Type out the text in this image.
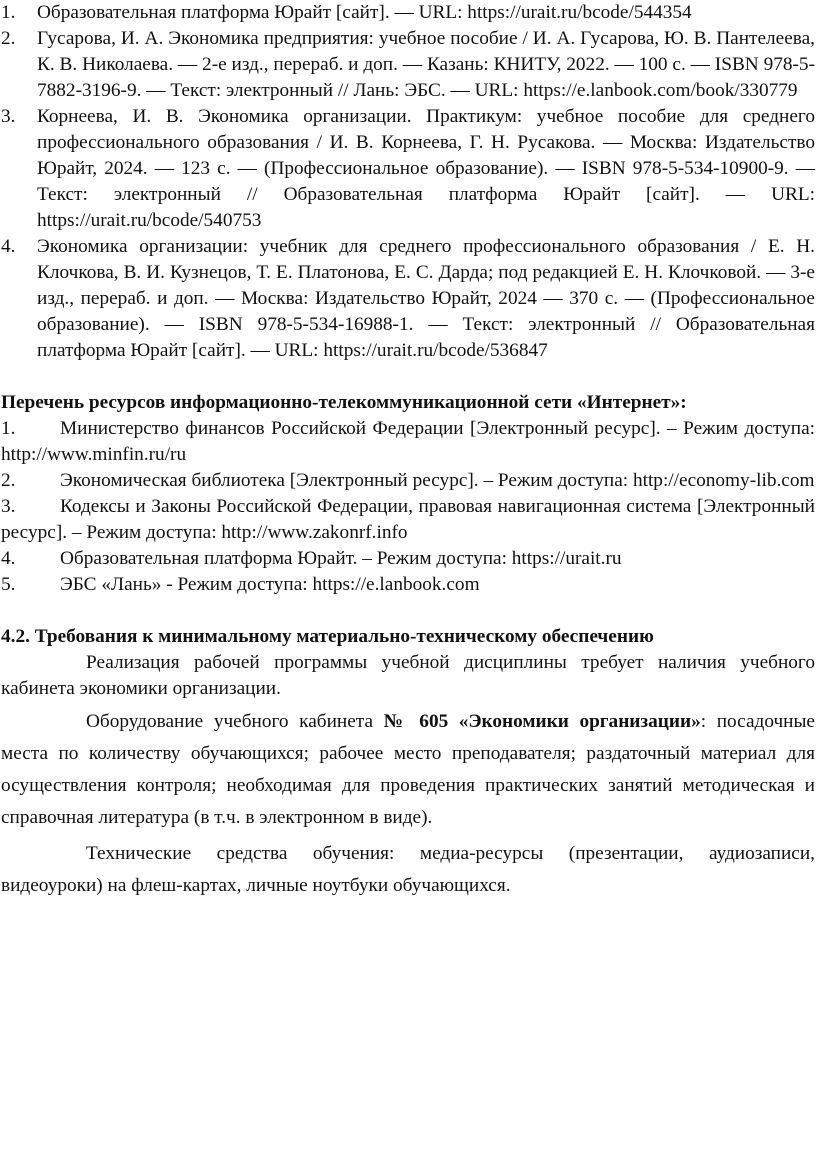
1. Образовательная платформа Юрайт [сайт]. — URL: https://urait.ru/bcode/544354
2. Гусарова, И. А. Экономика предприятия: учебное пособие / И. А. Гусарова, Ю. В. Пантелеева, К. В. Николаева. — 2-е изд., перераб. и доп. — Казань: КНИТУ, 2022. — 100 с. — ISBN 978-5-7882-3196-9. — Текст: электронный // Лань: ЭБС. — URL: https://e.lanbook.com/book/330779
3. Корнеева, И. В. Экономика организации. Практикум: учебное пособие для среднего профессионального образования / И. В. Корнеева, Г. Н. Русакова. — Москва: Издательство Юрайт, 2024. — 123 с. — (Профессиональное образование). — ISBN 978-5-534-10900-9. — Текст: электронный // Образовательная платформа Юрайт [сайт]. — URL: https://urait.ru/bcode/540753
4. Экономика организации: учебник для среднего профессионального образования / Е. Н. Клочкова, В. И. Кузнецов, Т. Е. Платонова, Е. С. Дарда; под редакцией Е. Н. Клочковой. — 3-е изд., перераб. и доп. — Москва: Издательство Юрайт, 2024 — 370 с. — (Профессиональное образование). — ISBN 978-5-534-16988-1. — Текст: электронный // Образовательная платформа Юрайт [сайт]. — URL: https://urait.ru/bcode/536847

Перечень ресурсов информационно-телекоммуникационной сети «Интернет»:

1. Министерство финансов Российской Федерации [Электронный ресурс]. – Режим доступа: http://www.minfin.ru/ru
2. Экономическая библиотека [Электронный ресурс]. – Режим доступа: http://economy-lib.com
3. Кодексы и Законы Российской Федерации, правовая навигационная система [Электронный ресурс]. – Режим доступа: http://www.zakonrf.info
4. Образовательная платформа Юрайт. – Режим доступа: https://urait.ru
5. ЭБС «Лань» - Режим доступа: https://e.lanbook.com

4.2. Требования к минимальному материально-техническому обеспечению

Реализация рабочей программы учебной дисциплины требует наличия учебного кабинета экономики организации.

Оборудование учебного кабинета № 605 «Экономики организации»: посадочные места по количеству обучающихся; рабочее место преподавателя; раздаточный материал для осуществления контроля; необходимая для проведения практических занятий методическая и справочная литература (в т.ч. в электронном в виде).

Технические средства обучения: медиа-ресурсы (презентации, аудиозаписи, видеоуроки) на флеш-картах, личные ноутбуки обучающихся.
